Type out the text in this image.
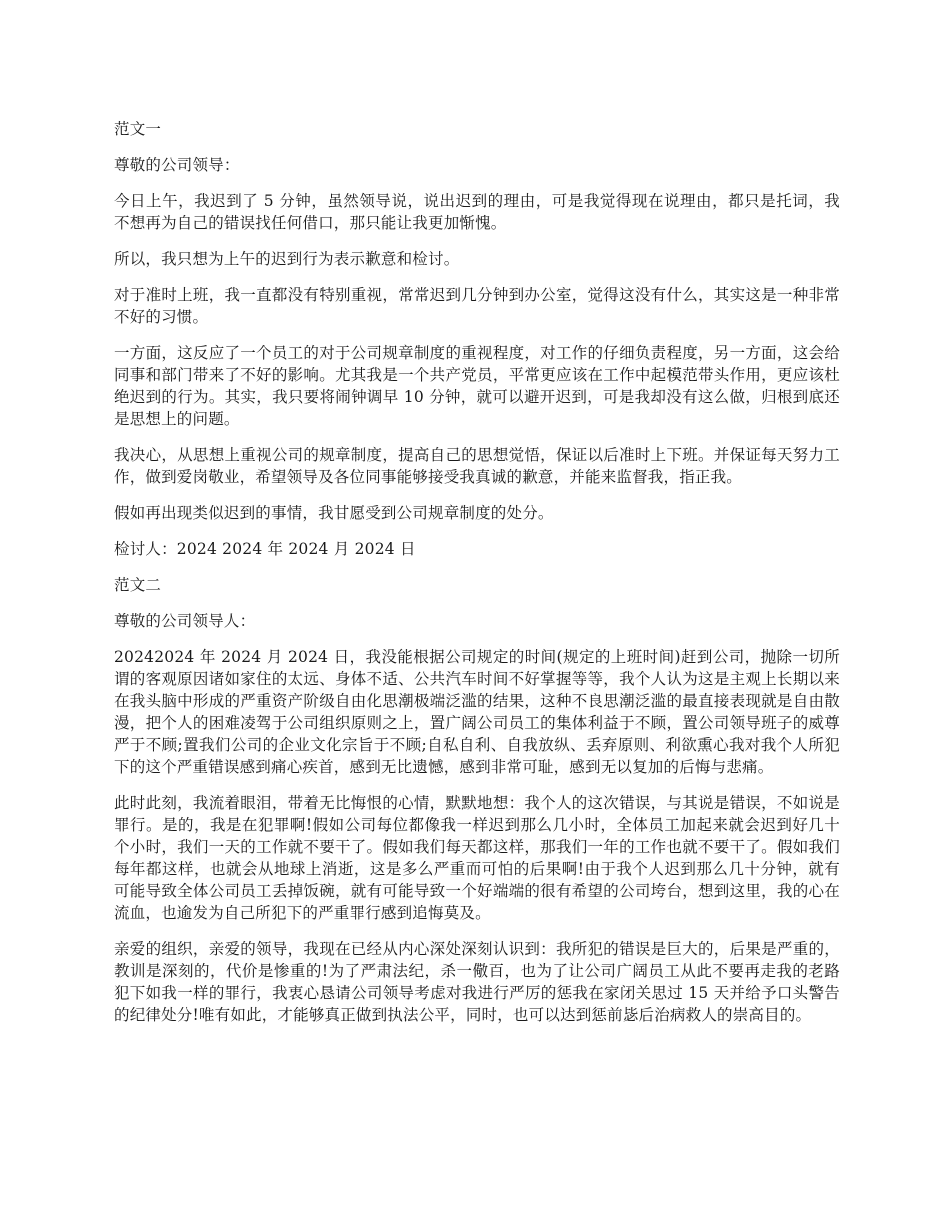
范文一

尊敬的公司领导：

今日上午，我迟到了 5 分钟，虽然领导说，说出迟到的理由，可是我觉得现在说理由，都只是托词，我不想再为自己的错误找任何借口，那只能让我更加惭愧。

所以，我只想为上午的迟到行为表示歉意和检讨。

对于准时上班，我一直都没有特别重视，常常迟到几分钟到办公室，觉得这没有什么，其实这是一种非常不好的习惯。

一方面，这反应了一个员工的对于公司规章制度的重视程度，对工作的仔细负责程度，另一方面，这会给同事和部门带来了不好的影响。尤其我是一个共产党员，平常更应该在工作中起模范带头作用，更应该杜绝迟到的行为。其实，我只要将闹钟调早 10 分钟，就可以避开迟到，可是我却没有这么做，归根到底还是思想上的问题。

我决心，从思想上重视公司的规章制度，提高自己的思想觉悟，保证以后准时上下班。并保证每天努力工作，做到爱岗敬业，希望领导及各位同事能够接受我真诚的歉意，并能来监督我，指正我。

假如再出现类似迟到的事情，我甘愿受到公司规章制度的处分。

检讨人：2024 2024 年 2024 月 2024 日

范文二

尊敬的公司领导人：

20242024 年 2024 月 2024 日，我没能根据公司规定的时间(规定的上班时间)赶到公司，抛除一切所谓的客观原因诸如家住的太远、身体不适、公共汽车时间不好掌握等等，我个人认为这是主观上长期以来在我头脑中形成的严重资产阶级自由化思潮极端泛滥的结果，这种不良思潮泛滥的最直接表现就是自由散漫，把个人的困难凌驾于公司组织原则之上，置广阔公司员工的集体利益于不顾，置公司领导班子的威尊严于不顾;置我们公司的企业文化宗旨于不顾;自私自利、自我放纵、丢弃原则、利欲熏心我对我个人所犯下的这个严重错误感到痛心疾首，感到无比遗憾，感到非常可耻，感到无以复加的后悔与悲痛。

此时此刻，我流着眼泪，带着无比悔恨的心情，默默地想：我个人的这次错误，与其说是错误，不如说是罪行。是的，我是在犯罪啊!假如公司每位都像我一样迟到那么几小时，全体员工加起来就会迟到好几十个小时，我们一天的工作就不要干了。假如我们每天都这样，那我们一年的工作也就不要干了。假如我们每年都这样，也就会从地球上消逝，这是多么严重而可怕的后果啊!由于我个人迟到那么几十分钟，就有可能导致全体公司员工丢掉饭碗，就有可能导致一个好端端的很有希望的公司垮台，想到这里，我的心在流血，也逾发为自己所犯下的严重罪行感到追悔莫及。

亲爱的组织，亲爱的领导，我现在已经从内心深处深刻认识到：我所犯的错误是巨大的，后果是严重的，教训是深刻的，代价是惨重的!为了严肃法纪，杀一儆百，也为了让公司广阔员工从此不要再走我的老路犯下如我一样的罪行，我衷心恳请公司领导考虑对我进行严厉的惩我在家闭关思过 15 天并给予口头警告的纪律处分!唯有如此，才能够真正做到执法公平，同时，也可以达到惩前毖后治病救人的崇高目的。
